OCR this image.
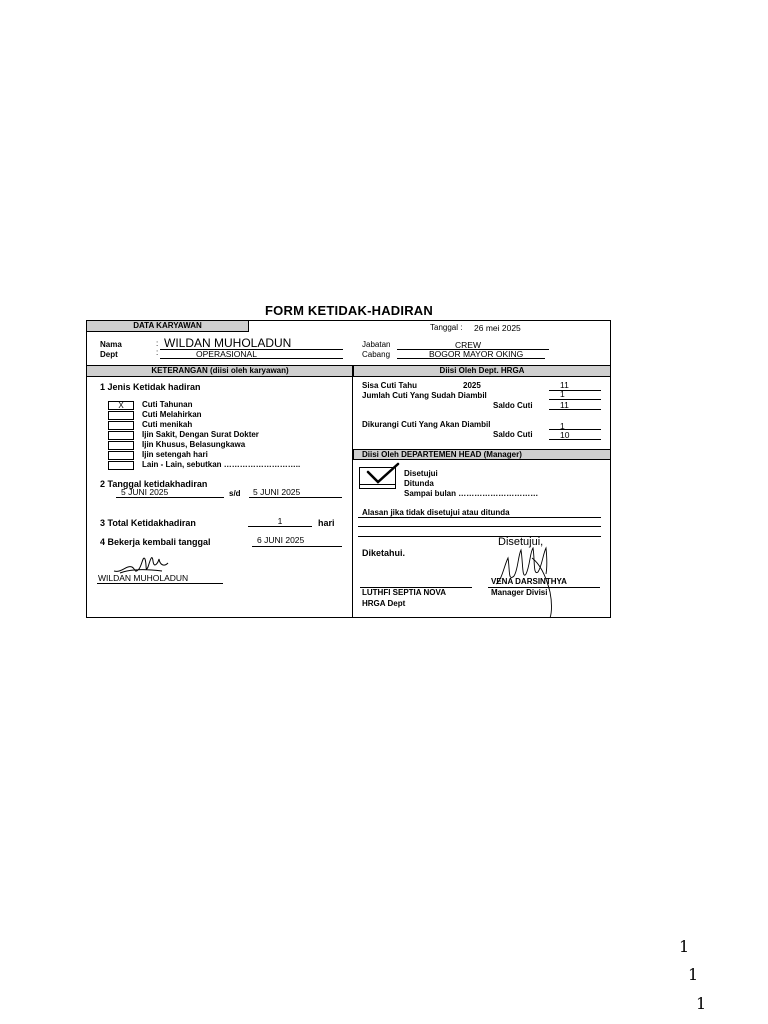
FORM KETIDAK-HADIRAN
DATA KARYAWAN	Tanggal : 26 mei 2025
Nama	: WILDAN MUHOLADUN
Dept	:	OPERASIONAL
Jabatan	CREW
Cabang	BOGOR MAYOR OKING
KETERANGAN (diisi oleh karyawan)	Diisi Oleh Dept. HRGA
1 Jenis Ketidak hadiran
X	Cuti Tahunan
Cuti Melahirkan
Cuti menikah
Ijin Sakit, Dengan Surat Dokter
Ijin Khusus, Belasungkawa
Ijin setengah hari
Lain - Lain, sebutkan ………………………..
2 Tanggal ketidakhadiran
5 JUNI 2025	s/d 5 JUNI 2025
3 Total Ketidakhadiran	1	hari
4 Bekerja kembali tanggal	6 JUNI 2025
WILDAN MUHOLADUN
Sisa Cuti Tahu	2025	11
Jumlah Cuti Yang Sudah Diambil	1
Saldo Cuti	11
Dikurangi Cuti Yang Akan Diambil	1
Saldo Cuti	10
Diisi Oleh DEPARTEMEN HEAD (Manager)
Disetujui
Ditunda
Sampai bulan …………………………
Alasan jika tidak disetujui atau ditunda
Diketahui.
Disetujui,
VENA DARSINTHYA
Manager Divisi
LUTHFI SEPTIA NOVA
HRGA Dept
1
1
1
